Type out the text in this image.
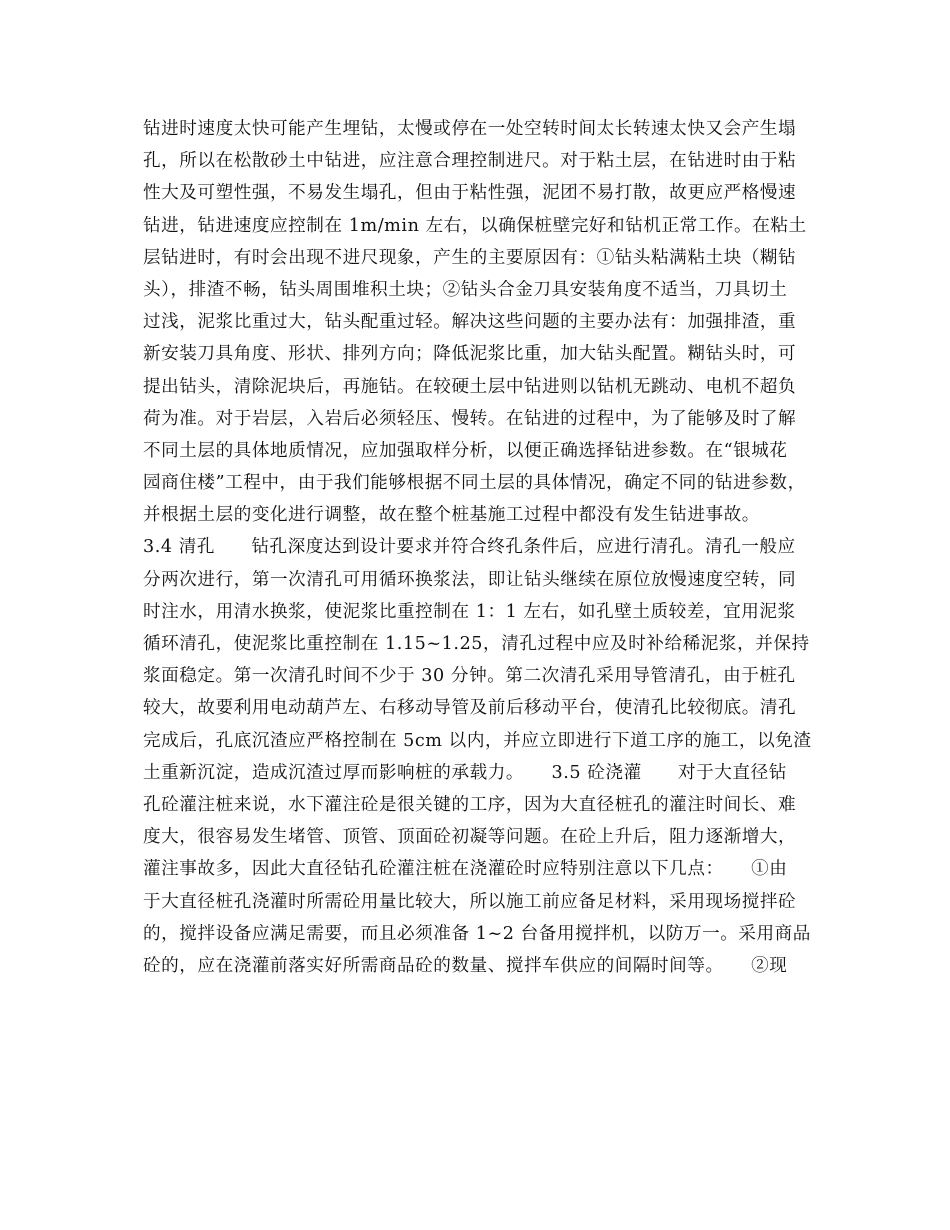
钻进时速度太快可能产生埋钻，太慢或停在一处空转时间太长转速太快又会产生塌
孔，所以在松散砂土中钻进，应注意合理控制进尺。对于粘土层，在钻进时由于粘
性大及可塑性强，不易发生塌孔，但由于粘性强，泥团不易打散，故更应严格慢速
钻进，钻进速度应控制在 1m/min 左右，以确保桩壁完好和钻机正常工作。在粘土
层钻进时，有时会出现不进尺现象，产生的主要原因有：①钻头粘满粘土块（糊钻
头），排渣不畅，钻头周围堆积土块；②钻头合金刀具安装角度不适当，刀具切土
过浅，泥浆比重过大，钻头配重过轻。解决这些问题的主要办法有：加强排渣，重
新安装刀具角度、形状、排列方向；降低泥浆比重，加大钻头配置。糊钻头时，可
提出钻头，清除泥块后，再施钻。在较硬土层中钻进则以钻机无跳动、电机不超负
荷为准。对于岩层，入岩后必须轻压、慢转。在钻进的过程中，为了能够及时了解
不同土层的具体地质情况，应加强取样分析，以便正确选择钻进参数。在“银城花
园商住楼”工程中，由于我们能够根据不同土层的具体情况，确定不同的钻进参数，
并根据土层的变化进行调整，故在整个桩基施工过程中都没有发生钻进事故。
3.4 清孔　　钻孔深度达到设计要求并符合终孔条件后，应进行清孔。清孔一般应
分两次进行，第一次清孔可用循环换浆法，即让钻头继续在原位放慢速度空转，同
时注水，用清水换浆，使泥浆比重控制在 1：1 左右，如孔壁土质较差，宜用泥浆
循环清孔，使泥浆比重控制在 1.15~1.25，清孔过程中应及时补给稀泥浆，并保持
浆面稳定。第一次清孔时间不少于 30 分钟。第二次清孔采用导管清孔，由于桩孔
较大，故要利用电动葫芦左、右移动导管及前后移动平台，使清孔比较彻底。清孔
完成后，孔底沉渣应严格控制在 5cm 以内，并应立即进行下道工序的施工，以免渣
土重新沉淀，造成沉渣过厚而影响桩的承载力。　　3.5 砼浇灌　　对于大直径钻
孔砼灌注桩来说，水下灌注砼是很关键的工序，因为大直径桩孔的灌注时间长、难
度大，很容易发生堵管、顶管、顶面砼初凝等问题。在砼上升后，阻力逐渐增大，
灌注事故多，因此大直径钻孔砼灌注桩在浇灌砼时应特别注意以下几点：　　①由
于大直径桩孔浇灌时所需砼用量比较大，所以施工前应备足材料，采用现场搅拌砼
的，搅拌设备应满足需要，而且必须准备 1~2 台备用搅拌机，以防万一。采用商品
砼的，应在浇灌前落实好所需商品砼的数量、搅拌车供应的间隔时间等。　　②现
